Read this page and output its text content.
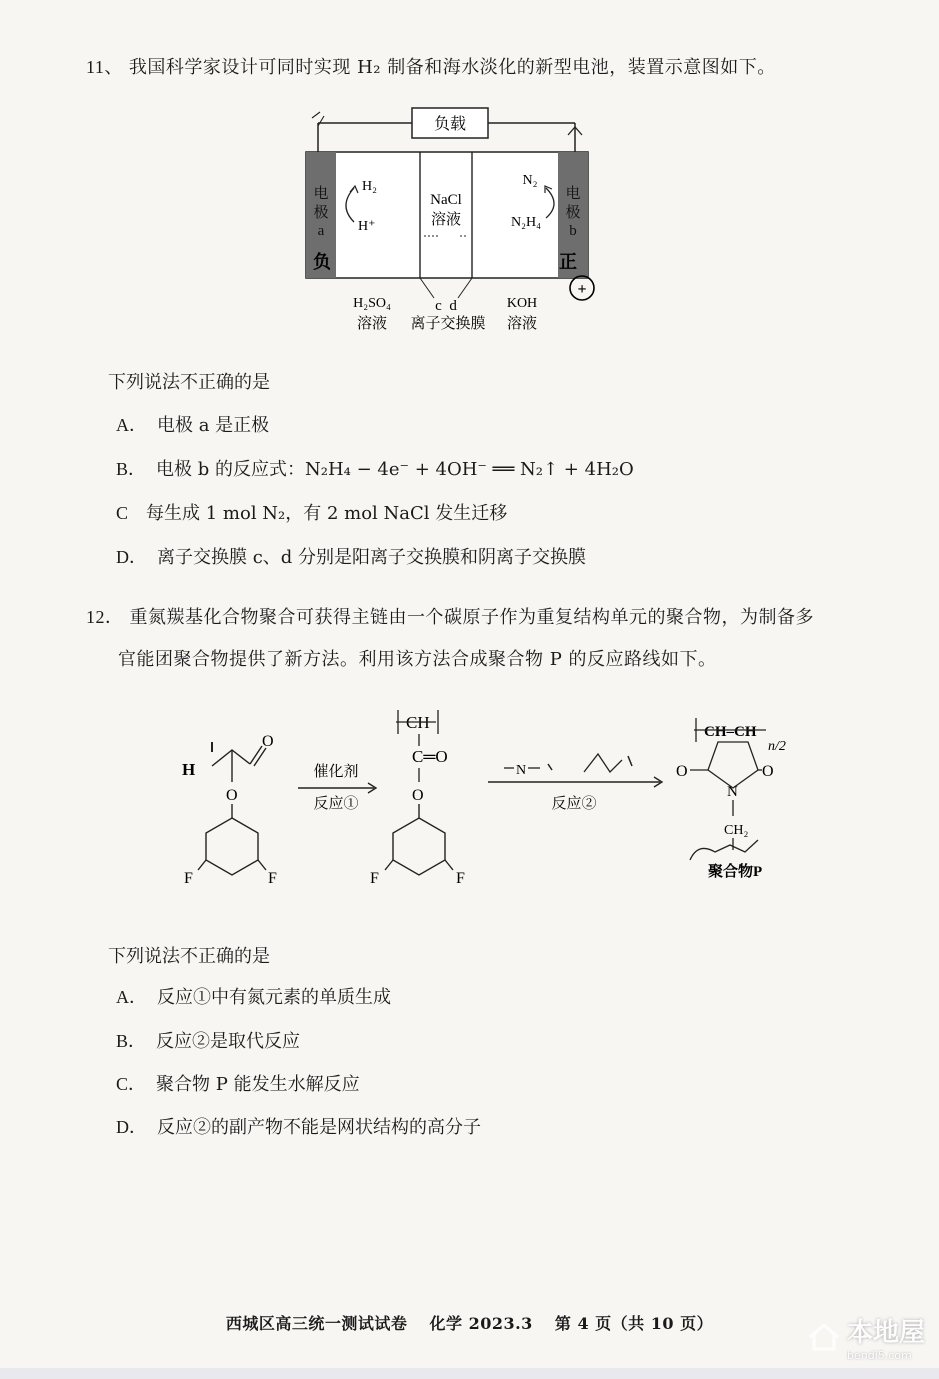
11、 我国科学家设计可同时实现 H₂ 制备和海水淡化的新型电池，装置示意图如下。
负载
电
极
a
电
极
b
负	正
+
H₂
H⁺
NaCl
溶液
N₂
N₂H₄
H₂SO₄
溶液
c  d
离子交换膜
KOH
溶液
下列说法不正确的是
A． 电极 a 是正极
B． 电极 b 的反应式：N₂H₄ − 4e⁻ + 4OH⁻ ══ N₂↑ + 4H₂O
C 每生成 1 mol N₂，有 2 mol NaCl 发生迁移
D． 离子交换膜 c、d 分别是阳离子交换膜和阴离子交换膜
12． 重氮羰基化合物聚合可获得主链由一个碳原子作为重复结构单元的聚合物，为制备多
官能团聚合物提供了新方法。利用该方法合成聚合物 P 的反应路线如下。
H
O
O
F	F
催化剂
反应①
CH
C═O
O
F	F
N
反应②
CH–CH
n/2
O	O
N
CH₂
聚合物P
下列说法不正确的是
A． 反应①中有氮元素的单质生成
B． 反应②是取代反应
C． 聚合物 P 能发生水解反应
D． 反应②的副产物不能是网状结构的高分子
西城区高三统一测试试卷 化学 2023.3 第 4 页（共 10 页）	本地屋
bendi5.com
